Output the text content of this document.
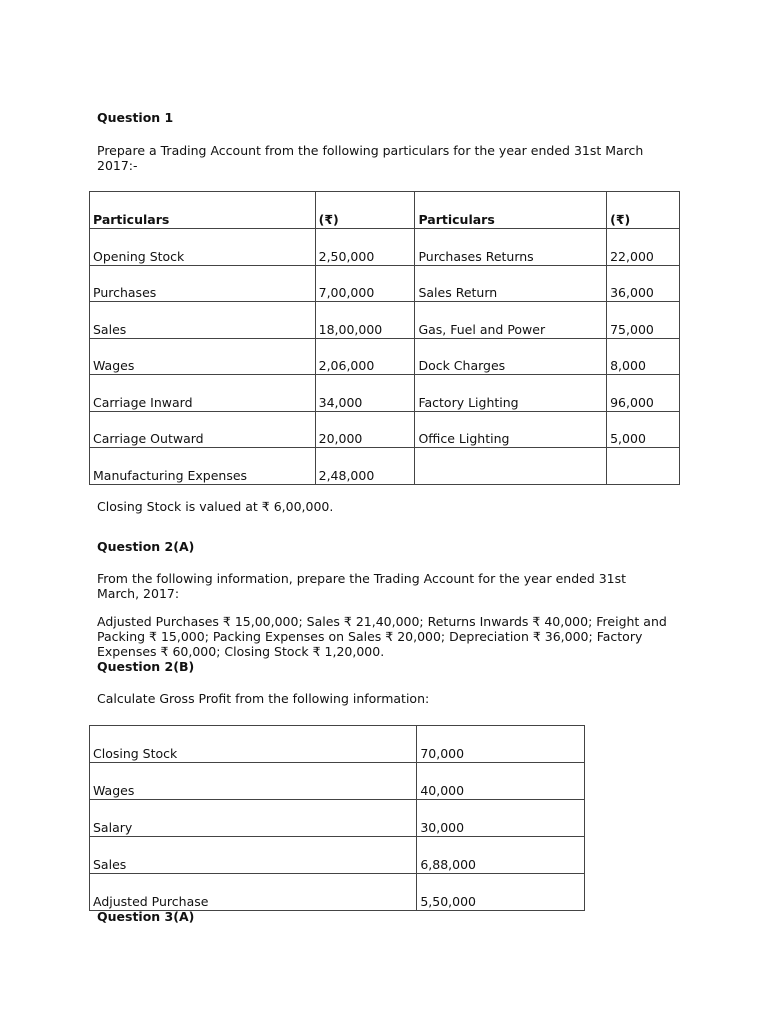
Question 1
Prepare a Trading Account from the following particulars for the year ended 31st March
2017:-
Particulars	(₹)	Particulars	(₹)
Opening Stock	2,50,000	Purchases Returns	22,000
Purchases	7,00,000	Sales Return	36,000
Sales	18,00,000	Gas, Fuel and Power	75,000
Wages	2,06,000	Dock Charges	8,000
Carriage Inward	34,000	Factory Lighting	96,000
Carriage Outward	20,000	Office Lighting	5,000
Manufacturing Expenses	2,48,000		
Closing Stock is valued at ₹ 6,00,000.
Question 2(A)
From the following information, prepare the Trading Account for the year ended 31st
March, 2017:
Adjusted Purchases ₹ 15,00,000; Sales ₹ 21,40,000; Returns Inwards ₹ 40,000; Freight and
Packing ₹ 15,000; Packing Expenses on Sales ₹ 20,000; Depreciation ₹ 36,000; Factory
Expenses ₹ 60,000; Closing Stock ₹ 1,20,000.
Question 2(B)
Calculate Gross Profit from the following information:
Closing Stock	70,000
Wages	40,000
Salary	30,000
Sales	6,88,000
Adjusted Purchase	5,50,000
Question 3(A)
